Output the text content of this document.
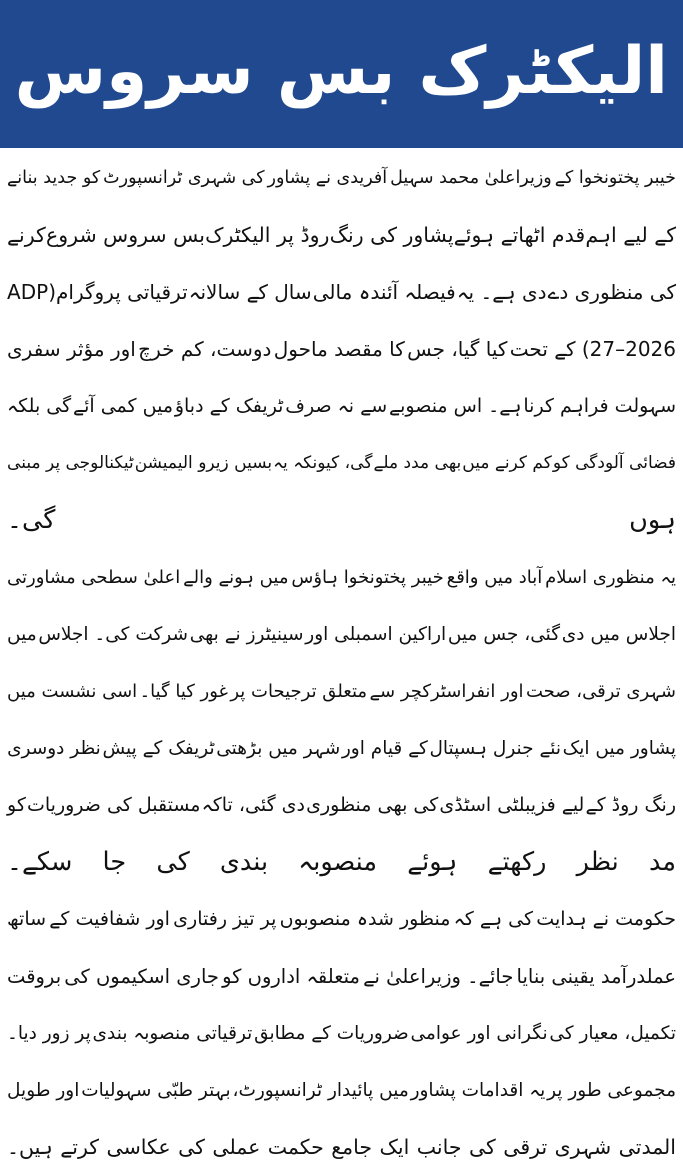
الیکٹرک بس سروس
خیبر پختونخوا کے
وزیراعلیٰ محمد سہیل
آفریدی نے پشاور
کی شہری ٹرانسپورٹ
کو جدید بنانے
کے لیے اہم
قدم اٹھاتے ہوئے
پشاور کی رنگ
روڈ پر الیکٹرک
بس سروس شروع
کرنے
کی منظوری دے
دی ہے۔ یہ
فیصلہ آئندہ مالی
سال کے سالانہ
ترقیاتی پروگرام(ADP
2026–27) کے تحت
کیا گیا، جس
کا مقصد ماحول
دوست، کم خرچ
اور مؤثر سفری
سہولت فراہم کرنا
ہے۔ اس منصوبے
سے نہ صرف
ٹریفک کے دباؤ
میں کمی آئے
گی بلکہ
فضائی آلودگی کو
کم کرنے میں
بھی مدد ملے
گی، کیونکہ یہ
بسیں زیرو الیمیشن
ٹیکنالوجی پر مبنی
ہوں گی۔
یہ منظوری اسلام
آباد میں واقع
خیبر پختونخوا ہاؤس
میں ہونے والے
اعلیٰ سطحی مشاورتی
اجلاس میں دی
گئی، جس میں
اراکین اسمبلی اور
سینیٹرز نے بھی
شرکت کی۔ اجلاس
میں
شہری ترقی، صحت
اور انفراسٹرکچر سے
متعلق ترجیحات پر
غور کیا گیا۔
اسی نشست میں
پشاور میں ایک
نئے جنرل ہسپتال
کے قیام اور
شہر میں بڑھتی
ٹریفک کے پیش
نظر دوسری
رنگ روڈ کے
لیے فزیبلٹی اسٹڈی
کی بھی منظوری
دی گئی، تاکہ
مستقبل کی ضروریات
کو
مد نظر رکھتے ہوئے منصوبہ بندی کی جا سکے۔
حکومت نے ہدایت
کی ہے کہ
منظور شدہ منصوبوں
پر تیز رفتاری
اور شفافیت کے
ساتھ
عملدرآمد یقینی بنایا
جائے۔ وزیراعلیٰ نے
متعلقہ اداروں کو
جاری اسکیموں کی
بروقت
تکمیل، معیار کی
نگرانی اور عوامی
ضروریات کے مطابق
ترقیاتی منصوبہ بندی
پر زور دیا۔
مجموعی طور پر
یہ اقدامات پشاور
میں پائیدار ٹرانسپورٹ،
بہتر طبّی سہولیات
اور طویل
المدتی شہری ترقی کی جانب ایک جامع حکمت عملی کی عکاسی کرتے ہیں۔
